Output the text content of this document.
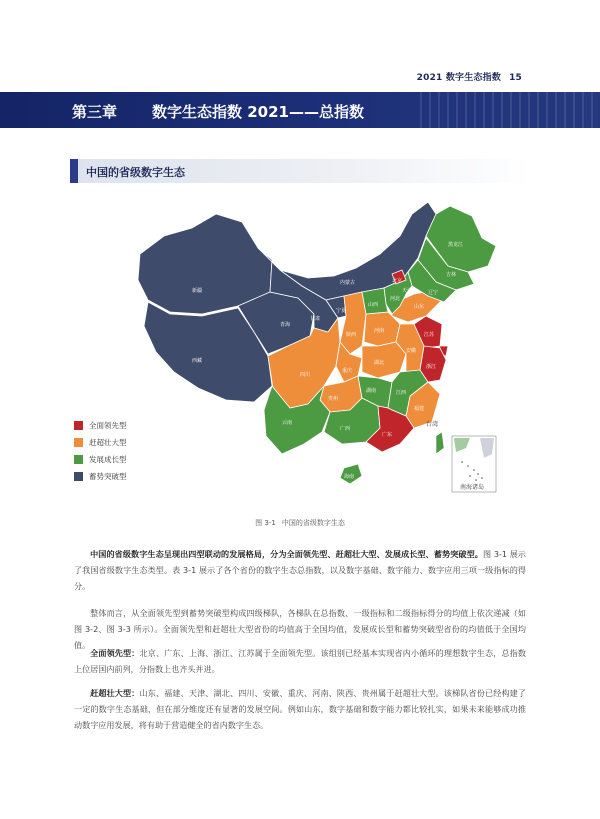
2021 数字生态指数 15
第三章 数字生态指数 2021——总指数
中国的省级数字生态
新疆
西藏
青海
内蒙古
甘肃
宁夏
黑龙江
吉林
辽宁
河北
北京
天津
山西	山东
河南
陕西
四川
重庆
湖北
安徽
江苏
上海
浙江
江西
湖南
贵州
云南
广西
广东
福建
海南
香港
澳门
台湾
南海诸岛
全面领先型
赶超壮大型
发展成长型
蓄势突破型
图 3-1 中国的省级数字生态
中国的省级数字生态呈现出四型联动的发展格局，分为全面领先型、赶超壮大型、发展成长型、蓄势突破型。图 3-1 展示了我国省级数字生态类型。表 3-1 展示了各个省份的数字生态总指数，以及数字基础、数字能力、数字应用三项一级指标的得分。
整体而言，从全面领先型到蓄势突破型构成四级梯队，各梯队在总指数、一级指标和二级指标得分的均值上依次递减（如图 3-2、图 3-3 所示）。全面领先型和赶超壮大型省份的均值高于全国均值，发展成长型和蓄势突破型省份的均值低于全国均值。
全面领先型：北京、广东、上海、浙江、江苏属于全面领先型。该组别已经基本实现省内小循环的理想数字生态，总指数上位居国内前列，分指数上也齐头并进。
赶超壮大型：山东、福建、天津、湖北、四川、安徽、重庆、河南、陕西、贵州属于赶超壮大型。该梯队省份已经构建了一定的数字生态基础，但在部分维度还有显著的发展空间。例如山东，数字基础和数字能力都比较扎实，如果未来能够成功推动数字应用发展，将有助于营造健全的省内数字生态。
